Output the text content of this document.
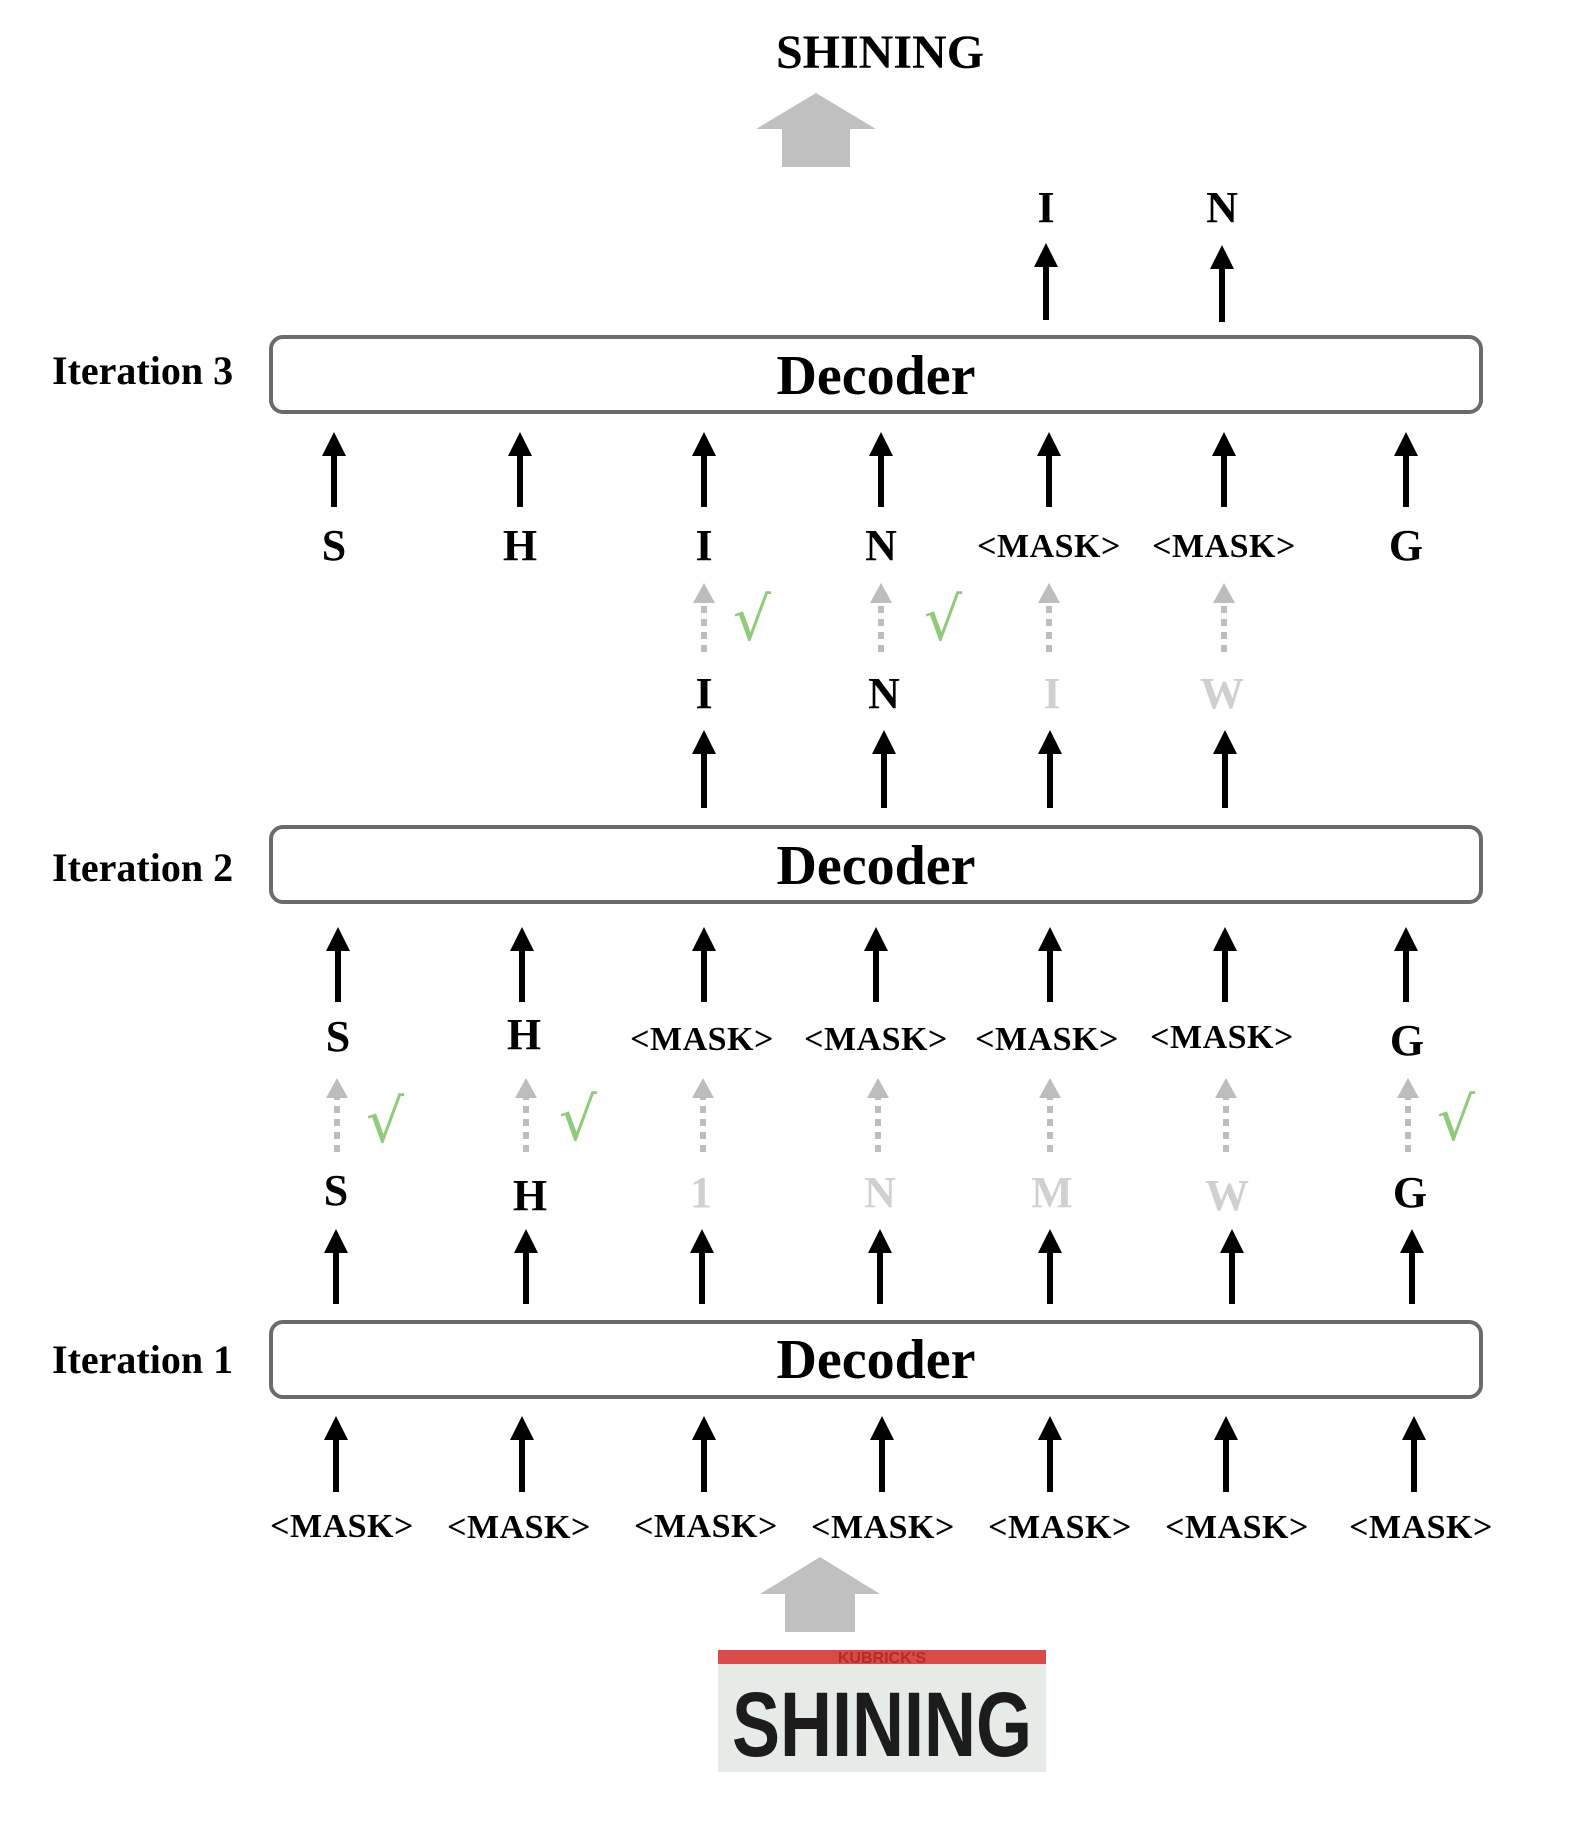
KUBRICK'S
SHINING
SHINING
Iteration 3
Iteration 2
Iteration 1
Decoder
Decoder
Decoder
I	N
S	H	I	N <MASK> <MASK> G
I	N	I	W
S	H	<MASK> <MASK> <MASK> <MASK> G
S	H	1	N	M	W	G
<MASK> <MASK> <MASK> <MASK> <MASK> <MASK> <MASK>
√	√
√	√	√
